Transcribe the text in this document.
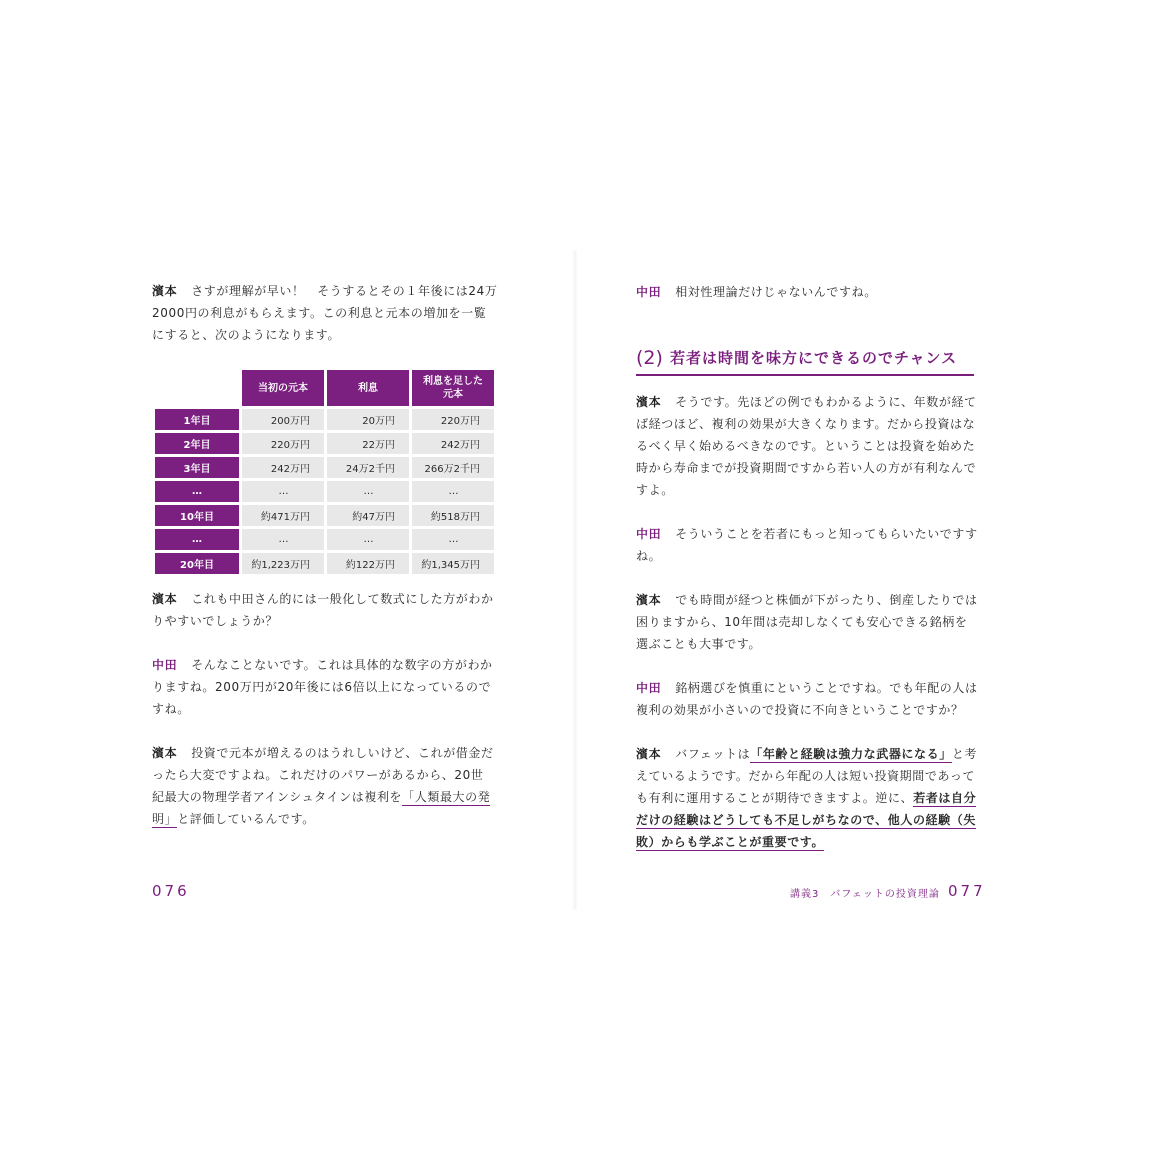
濱本 さすが理解が早い！　そうするとその１年後には24万
2000円の利息がもらえます。この利息と元本の増加を一覧
にすると、次のようになります。

	当初の元本	利息	利息を足した
元本
1年目	200万円	20万円	220万円
2年目	220万円	22万円	242万円
3年目	242万円	24万2千円	266万2千円
…	…	…	…
10年目	約471万円	約47万円	約518万円
…	…	…	…
20年目	約1,223万円	約122万円	約1,345万円

濱本 これも中田さん的には一般化して数式にした方がわか
りやすいでしょうか？

中田 そんなことないです。これは具体的な数字の方がわか
りますね。200万円が20年後には6倍以上になっているので
すね。

濱本 投資で元本が増えるのはうれしいけど、これが借金だ
ったら大変ですよね。これだけのパワーがあるから、20世
紀最大の物理学者アインシュタインは複利を「人類最大の発
明」と評価しているんです。

076

中田 相対性理論だけじゃないんですね。

(2) 若者は時間を味方にできるのでチャンス

濱本 そうです。先ほどの例でもわかるように、年数が経て
ば経つほど、複利の効果が大きくなります。だから投資はな
るべく早く始めるべきなのです。ということは投資を始めた
時から寿命までが投資期間ですから若い人の方が有利なんで
すよ。

中田 そういうことを若者にもっと知ってもらいたいですす
ね。

濱本 でも時間が経つと株価が下がったり、倒産したりでは
困りますから、10年間は売却しなくても安心できる銘柄を
選ぶことも大事です。

中田 銘柄選びを慎重にということですね。でも年配の人は
複利の効果が小さいので投資に不向きということですか？

濱本 バフェットは「年齢と経験は強力な武器になる」と考
えているようです。だから年配の人は短い投資期間であって
も有利に運用することが期待できますよ。逆に、若者は自分
だけの経験はどうしても不足しがちなので、他人の経験（失
敗）からも学ぶことが重要です。

講義3　バフェットの投資理論 077
